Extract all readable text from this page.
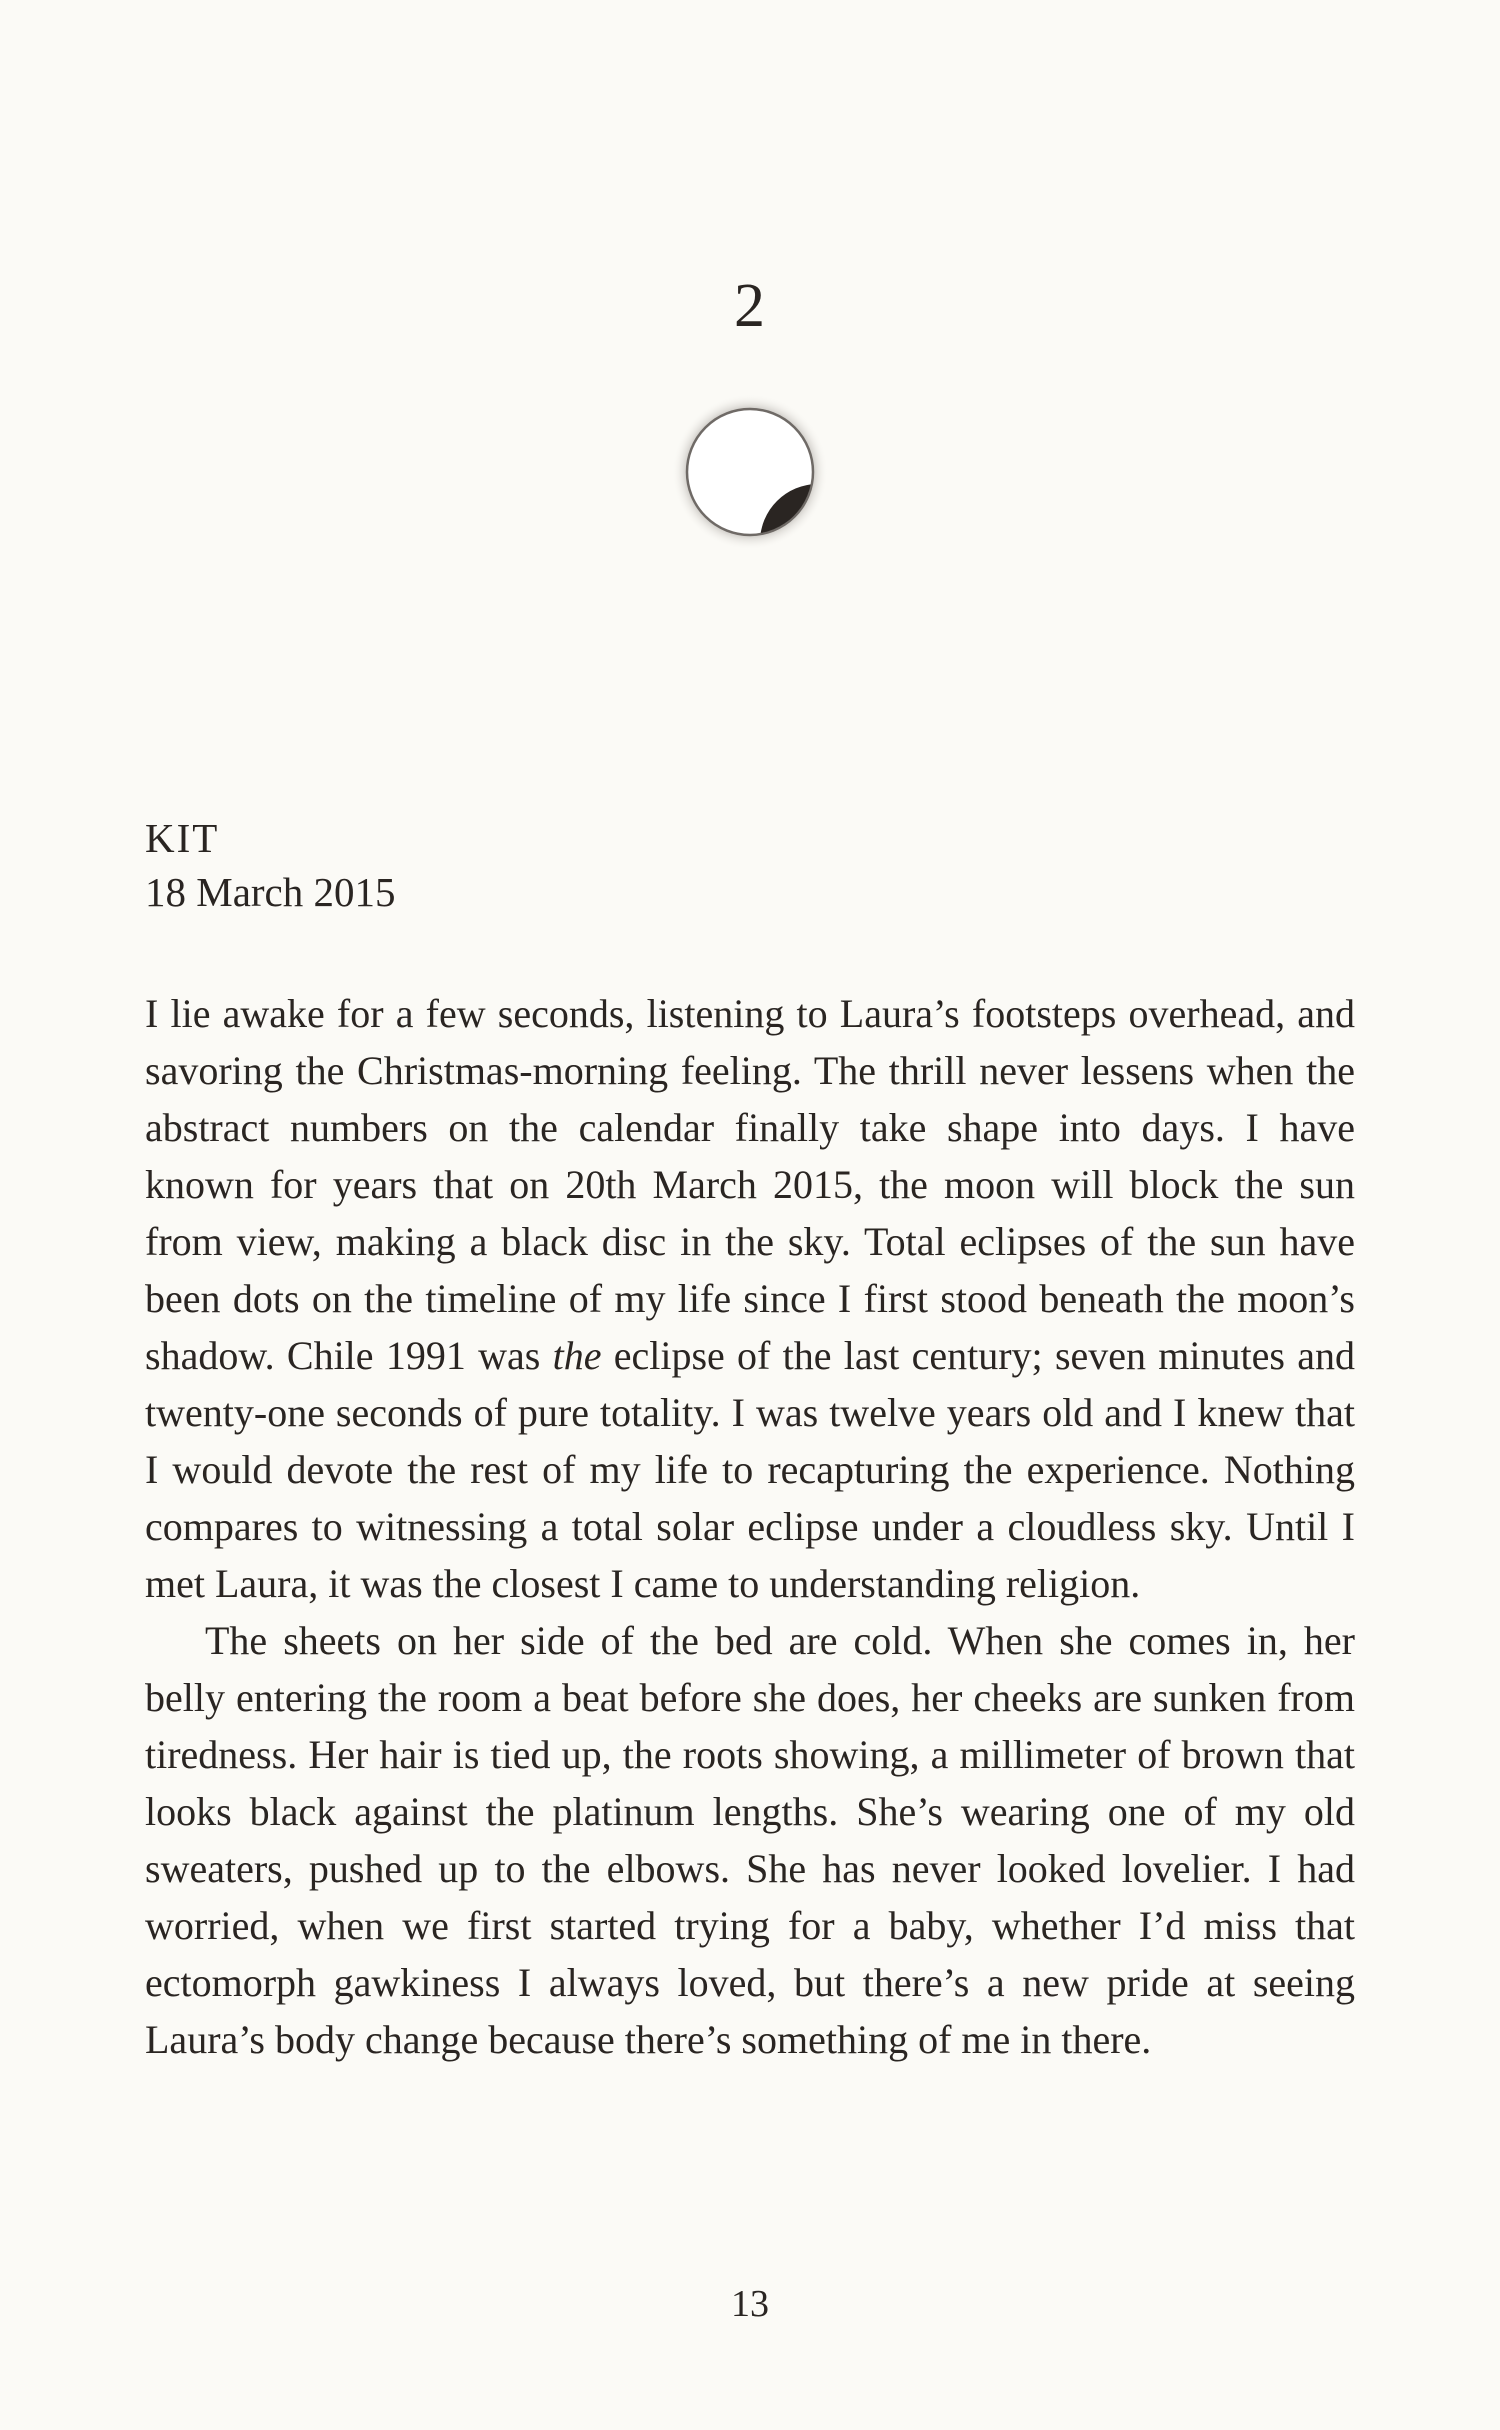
2
KIT
18 March 2015

I lie awake for a few seconds, listening to Laura’s footsteps overhead, and savoring the Christmas-morning feeling. The thrill never lessens when the abstract numbers on the calendar finally take shape into days. I have known for years that on 20th March 2015, the moon will block the sun from view, making a black disc in the sky. Total eclipses of the sun have been dots on the timeline of my life since I first stood beneath the moon’s shadow. Chile 1991 was the eclipse of the last century; seven minutes and twenty-one seconds of pure totality. I was twelve years old and I knew that I would devote the rest of my life to recapturing the experience. Nothing compares to witnessing a total solar eclipse under a cloudless sky. Until I met Laura, it was the closest I came to understanding religion.

The sheets on her side of the bed are cold. When she comes in, her belly entering the room a beat before she does, her cheeks are sunken from tiredness. Her hair is tied up, the roots showing, a millimeter of brown that looks black against the platinum lengths. She’s wearing one of my old sweaters, pushed up to the elbows. She has never looked lovelier. I had worried, when we first started trying for a baby, whether I’d miss that ectomorph gawkiness I always loved, but there’s a new pride at seeing Laura’s body change because there’s something of me in there.

13
